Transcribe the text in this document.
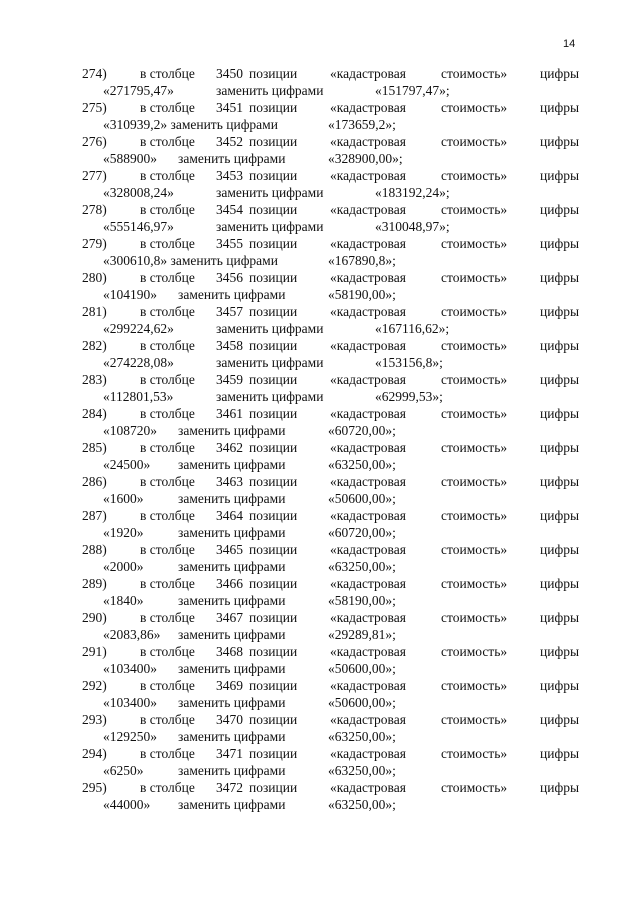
14
274) в столбце 3450 позиции «кадастровая	стоимость» цифры
«271795,47»	заменить цифрами	«151797,47»;
275) в столбце 3451 позиции «кадастровая	стоимость» цифры
«310939,2» заменить цифрами	«173659,2»;
276) в столбце 3452 позиции «кадастровая	стоимость» цифры
«588900» заменить цифрами	«328900,00»;
277) в столбце 3453 позиции «кадастровая	стоимость» цифры
«328008,24»	заменить цифрами	«183192,24»;
278) в столбце 3454 позиции «кадастровая	стоимость» цифры
«555146,97»	заменить цифрами	«310048,97»;
279) в столбце 3455 позиции «кадастровая	стоимость» цифры
«300610,8» заменить цифрами	«167890,8»;
280) в столбце 3456 позиции «кадастровая	стоимость» цифры
«104190» заменить цифрами	«58190,00»;
281) в столбце 3457 позиции «кадастровая	стоимость» цифры
«299224,62»	заменить цифрами	«167116,62»;
282) в столбце 3458 позиции «кадастровая	стоимость» цифры
«274228,08»	заменить цифрами	«153156,8»;
283) в столбце 3459 позиции «кадастровая	стоимость» цифры
«112801,53»	заменить цифрами	«62999,53»;
284) в столбце 3461 позиции «кадастровая	стоимость» цифры
«108720» заменить цифрами	«60720,00»;
285) в столбце 3462 позиции «кадастровая	стоимость» цифры
«24500» заменить цифрами	«63250,00»;
286) в столбце 3463 позиции «кадастровая	стоимость» цифры
«1600»	заменить цифрами	«50600,00»;
287) в столбце 3464 позиции «кадастровая	стоимость» цифры
«1920»	заменить цифрами	«60720,00»;
288) в столбце 3465 позиции «кадастровая	стоимость» цифры
«2000»	заменить цифрами	«63250,00»;
289) в столбце 3466 позиции «кадастровая	стоимость» цифры
«1840»	заменить цифрами	«58190,00»;
290) в столбце 3467 позиции «кадастровая	стоимость» цифры
«2083,86» заменить цифрами	«29289,81»;
291) в столбце 3468 позиции «кадастровая	стоимость» цифры
«103400» заменить цифрами	«50600,00»;
292) в столбце 3469 позиции «кадастровая	стоимость» цифры
«103400» заменить цифрами	«50600,00»;
293) в столбце 3470 позиции «кадастровая	стоимость» цифры
«129250» заменить цифрами	«63250,00»;
294) в столбце 3471 позиции «кадастровая	стоимость» цифры
«6250»	заменить цифрами	«63250,00»;
295) в столбце 3472 позиции «кадастровая	стоимость» цифры
«44000» заменить цифрами	«63250,00»;
